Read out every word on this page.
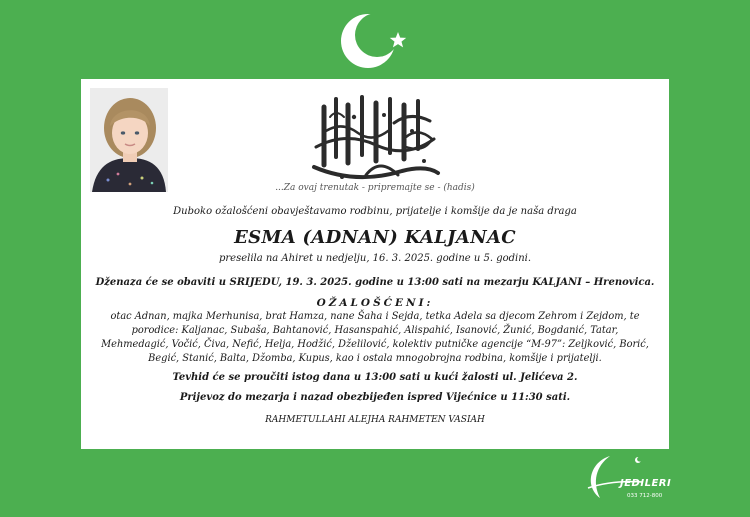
...Za ovaj trenutak - pripremajte se - (hadis)
Duboko ožalošćeni obavještavamo rodbinu, prijatelje i komšije da je naša draga
ESMA (ADNAN) KALJANAC
preselila na Ahiret u nedjelju, 16. 3. 2025. godine u 5. godini.
Dženaza će se obaviti u SRIJEDU, 19. 3. 2025. godine u 13:00 sati na mezarju KALJANI – Hrenovica.
OŽALOŠĆENI:
otac Adnan, majka Merhunisa, brat Hamza, nane Šaha i Sejda, tetka Adela sa djecom Zehrom i Zejdom, te
porodice: Kaljanac, Subaša, Bahtanović, Hasanspahić, Alispahić, Isanović, Žunić, Bogdanić, Tatar,
Mehmedagić, Vočić, Čiva, Nefić, Helja, Hodžić, Dželilović, kolektiv putničke agencije “M-97”: Zeljković, Borić,
Begić, Stanić, Balta, Džomba, Kupus, kao i ostala mnogobrojna rodbina, komšije i prijatelji.
Tevhid će se proučiti istog dana u 13:00 sati u kući žalosti ul. Jelićeva 2.
Prijevoz do mezarja i nazad obezbijeđen ispred Vijećnice u 11:30 sati.
RAHMETULLAHI ALEJHA RAHMETEN VASIAH
JEDILERI
033 712-800
